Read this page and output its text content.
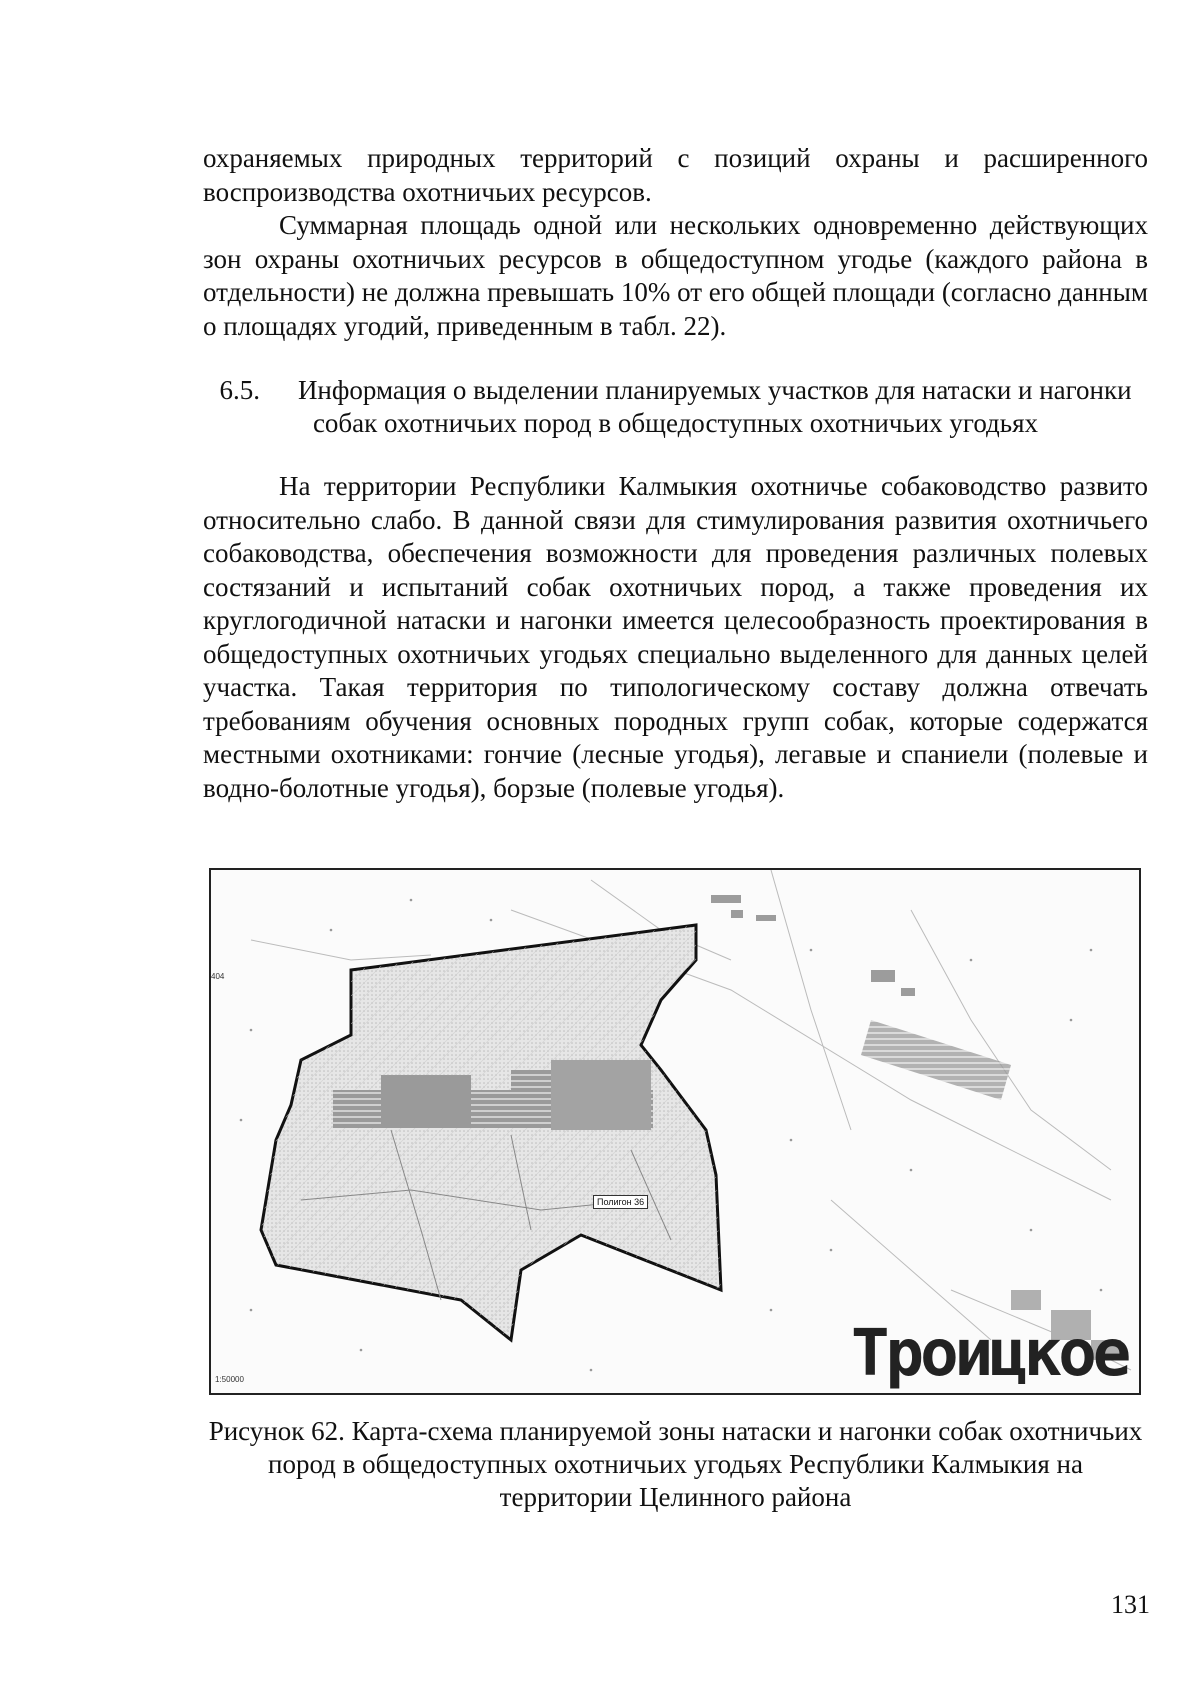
охраняемых природных территорий с позиций охраны и расширенного воспроизводства охотничьих ресурсов.

Суммарная площадь одной или нескольких одновременно действующих зон охраны охотничьих ресурсов в общедоступном угодье (каждого района в отдельности) не должна превышать 10% от его общей площади (согласно данным о площадях угодий, приведенным в табл. 22).

6.5. Информация о выделении планируемых участков для натаски и нагонки собак охотничьих пород в общедоступных охотничьих угодьях

На территории Республики Калмыкия охотничье собаководство развито относительно слабо. В данной связи для стимулирования развития охотничьего собаководства, обеспечения возможности для проведения различных полевых состязаний и испытаний собак охотничьих пород, а также проведения их круглогодичной натаски и нагонки имеется целесообразность проектирования в общедоступных охотничьих угодьях специально выделенного для данных целей участка. Такая территория по типологическому составу должна отвечать требованиям обучения основных породных групп собак, которые содержатся местными охотниками: гончие (лесные угодья), легавые и спаниели (полевые и водно-болотные угодья), борзые (полевые угодья).

404
Полигон 36
Троицкое
1:50000

Рисунок 62. Карта-схема планируемой зоны натаски и нагонки собак охотничьих пород в общедоступных охотничьих угодьях Республики Калмыкия на территории Целинного района

131
